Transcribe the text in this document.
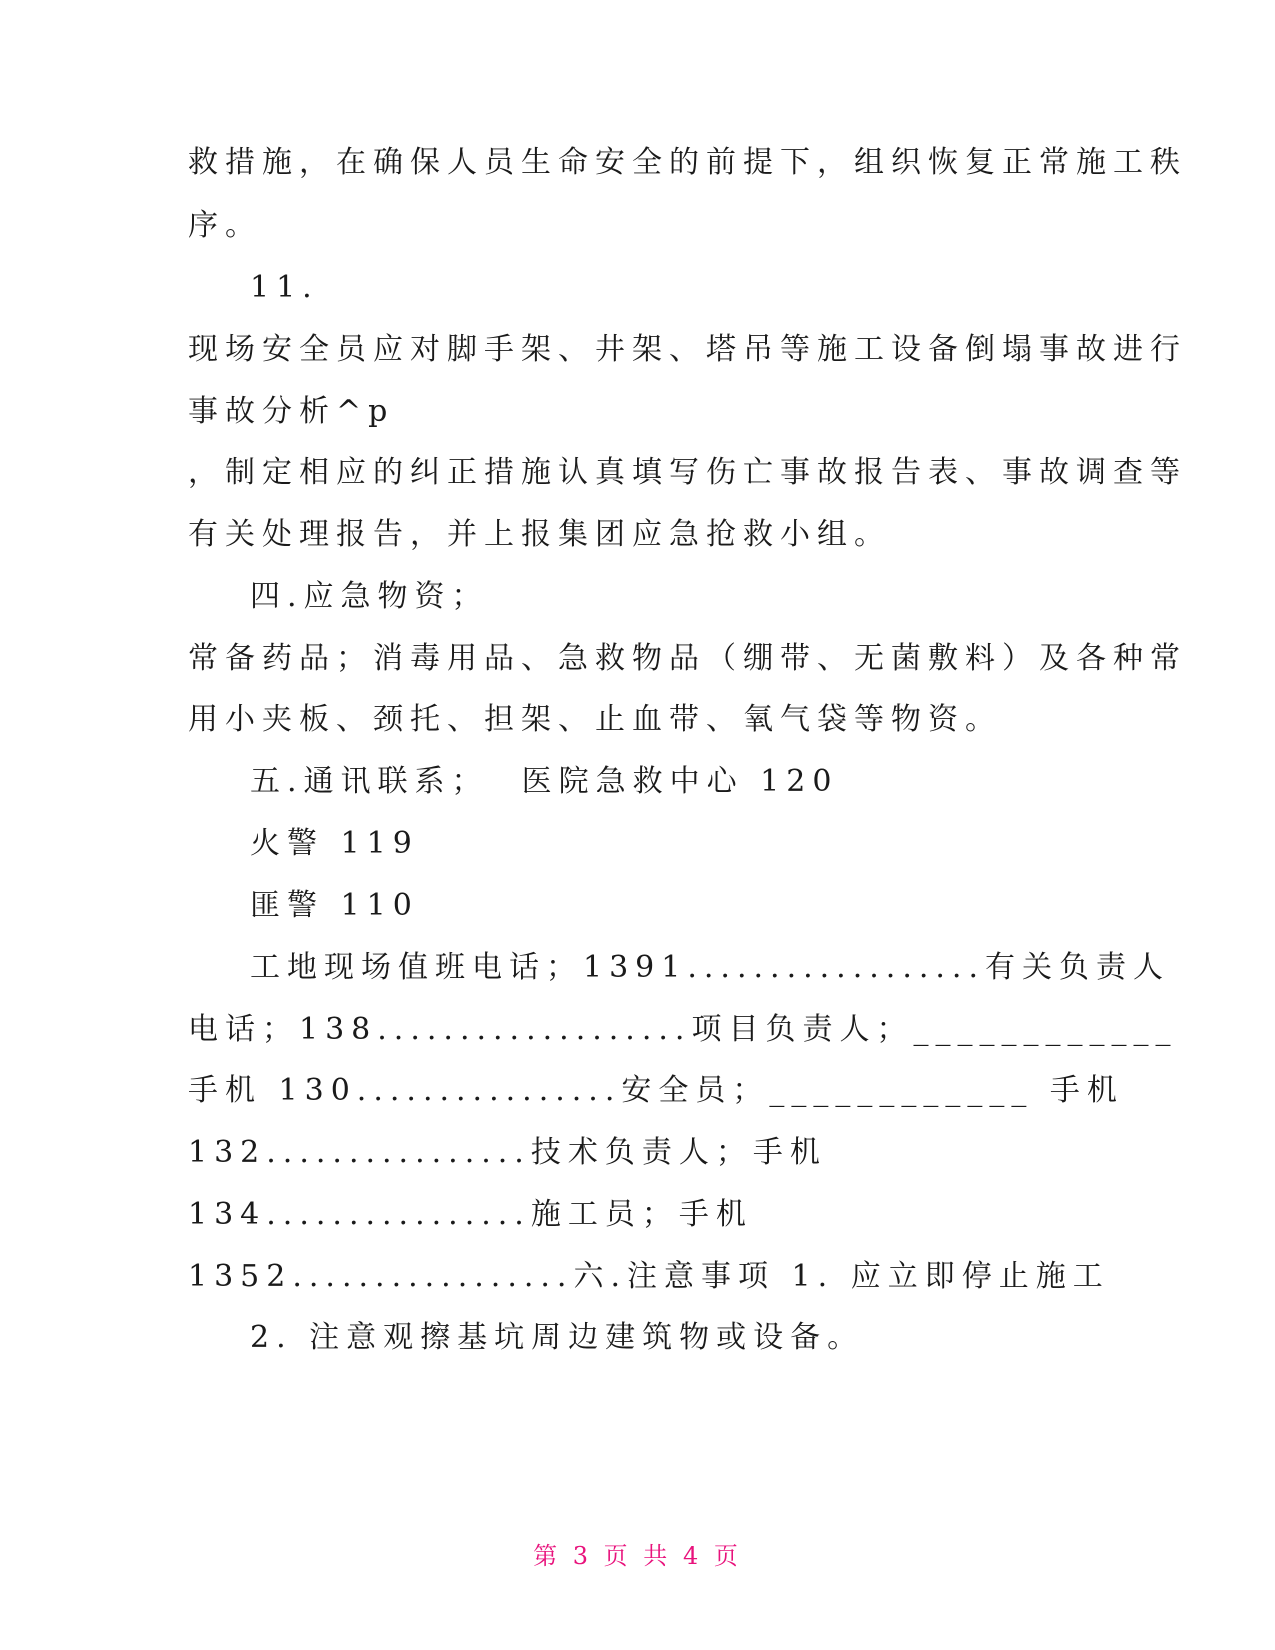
救措施，在确保人员生命安全的前提下，组织恢复正常施工秩
序。
11.
现场安全员应对脚手架、井架、塔吊等施工设备倒塌事故进行
事故分析^p
，制定相应的纠正措施认真填写伤亡事故报告表、事故调查等
有关处理报告，并上报集团应急抢救小组。
四.应急物资；
常备药品；消毒用品、急救物品（绷带、无菌敷料）及各种常
用小夹板、颈托、担架、止血带、氧气袋等物资。
五.通讯联系；  医院急救中心 120
火警 119
匪警 110
工地现场值班电话；1391..................有关负责人
电话；138...................项目负责人；____________
手机 130................安全员；____________ 手机
132................技术负责人；手机
134................施工员；手机
1352.................六.注意事项 1. 应立即停止施工
2. 注意观擦基坑周边建筑物或设备。
第 3 页 共 4 页
